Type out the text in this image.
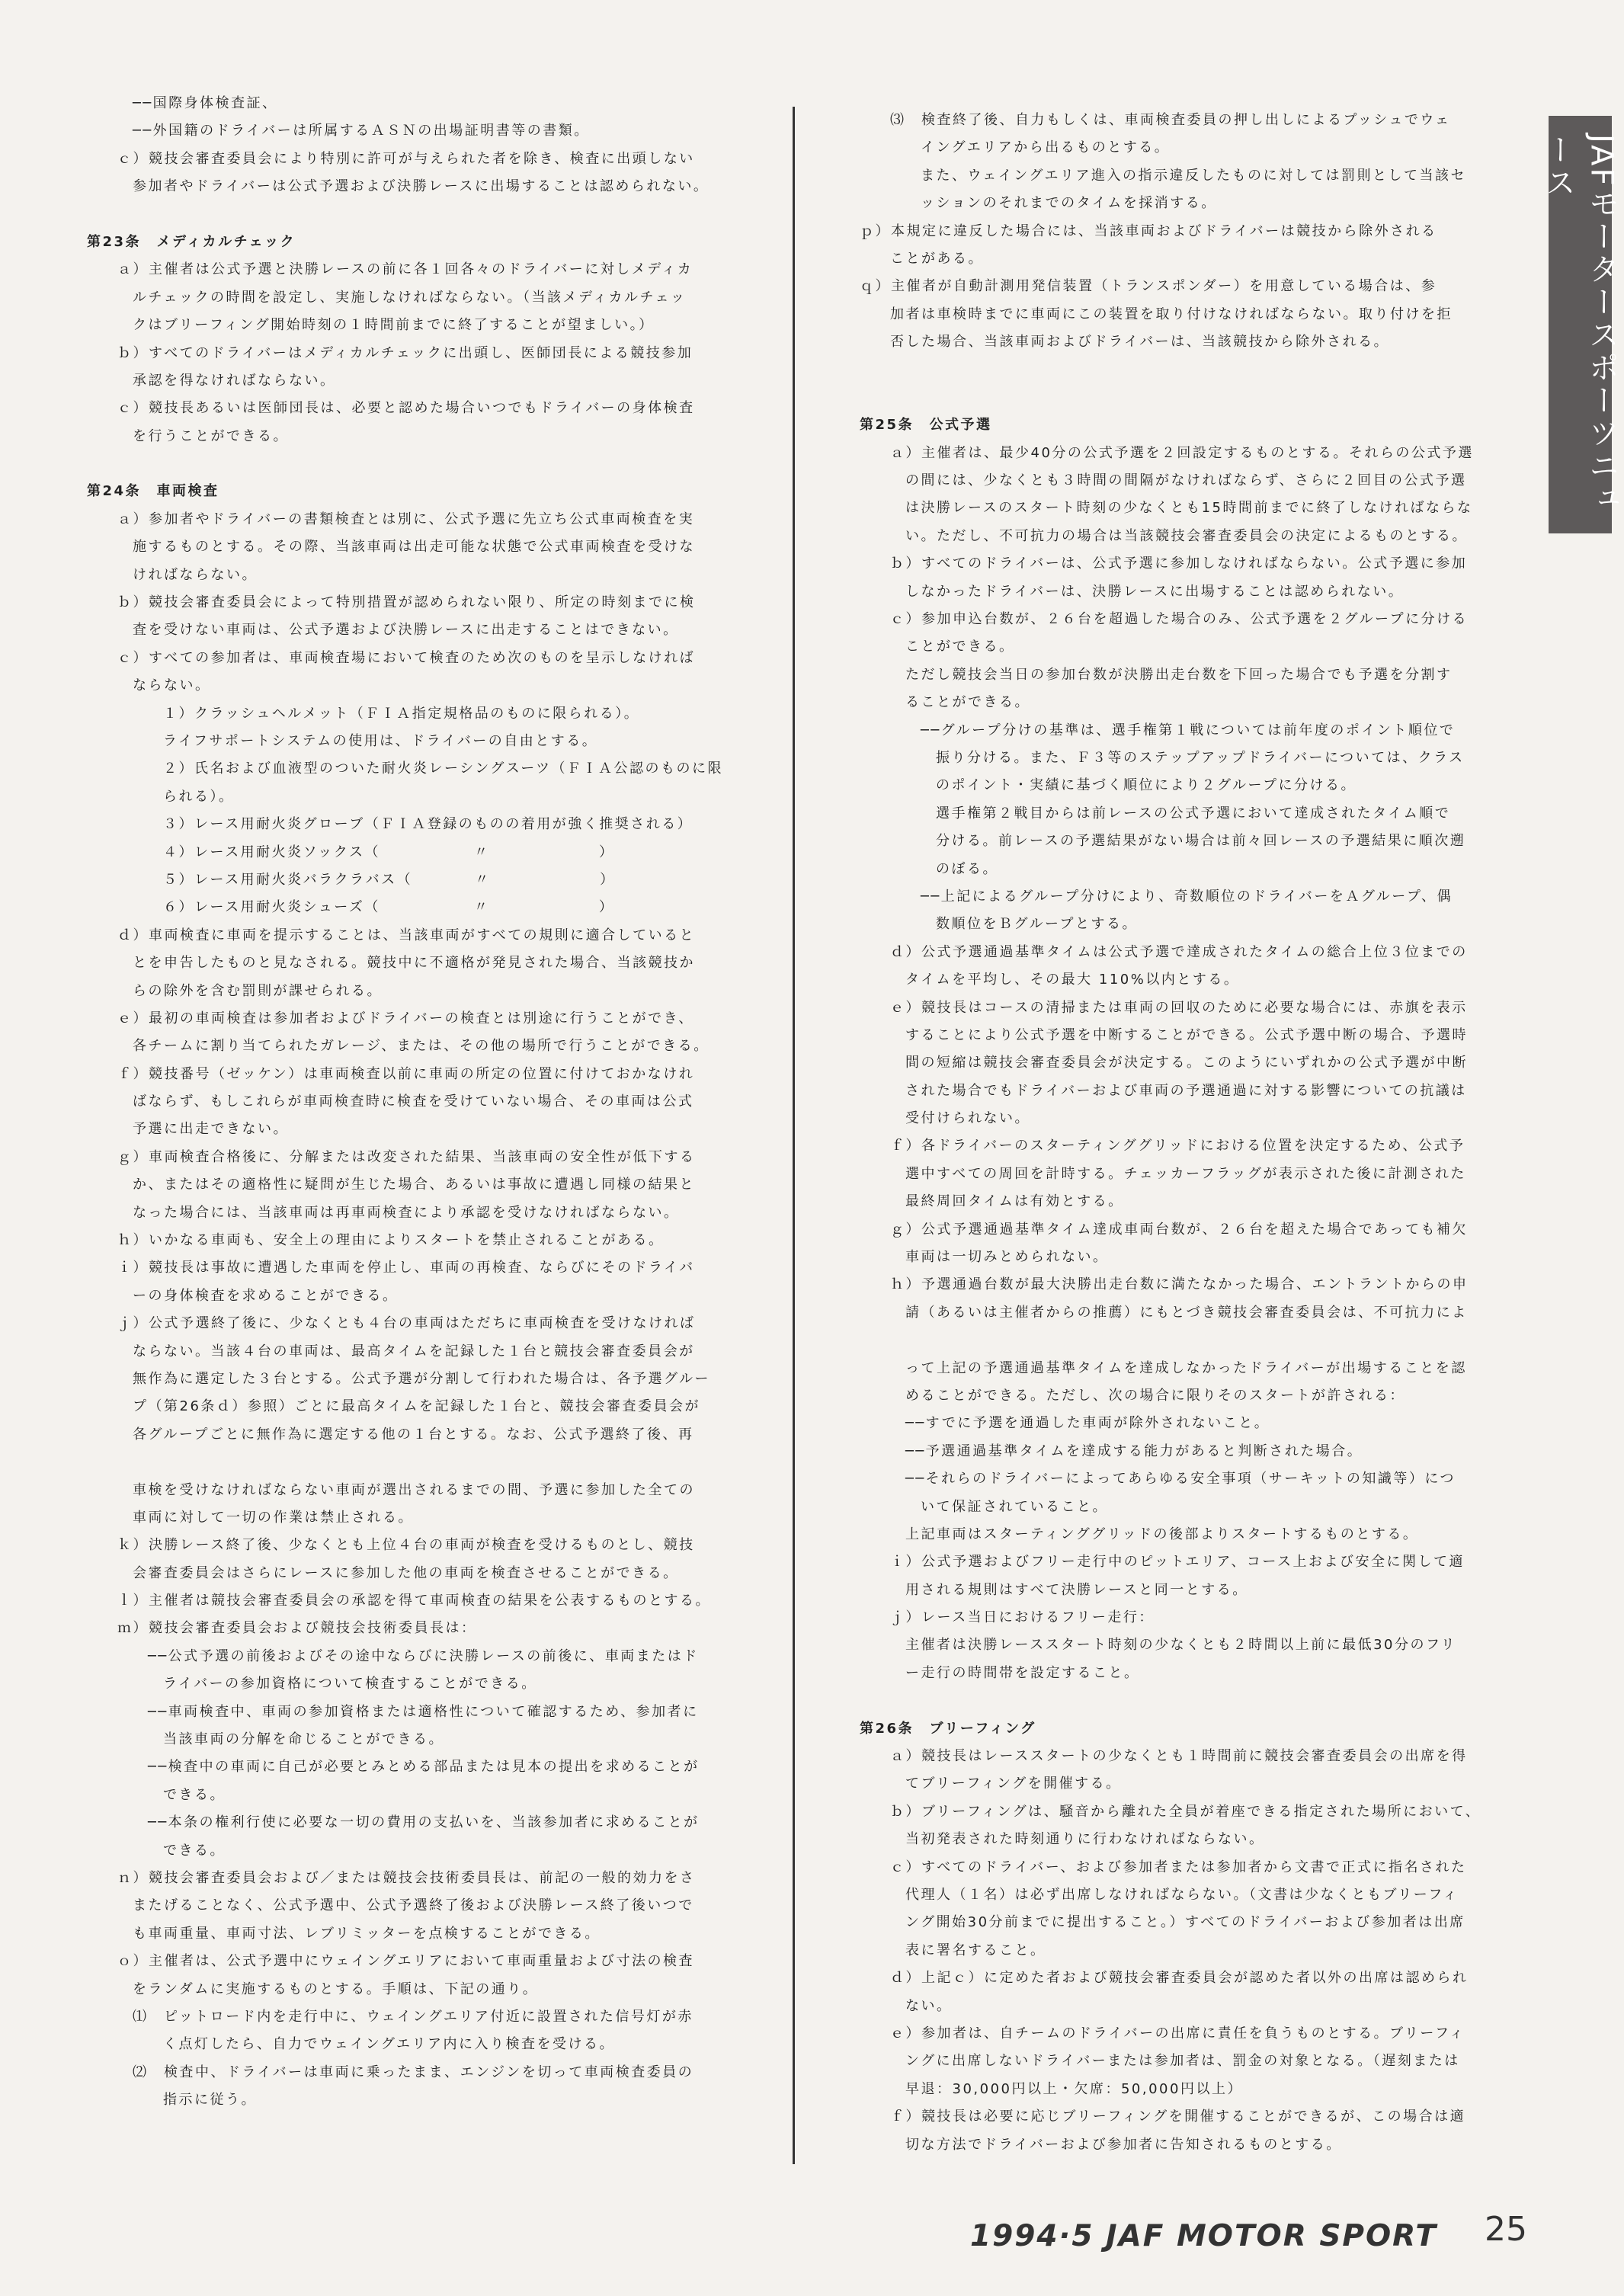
──国際身体検査証、
──外国籍のドライバーは所属するＡＳＮの出場証明書等の書類。
ｃ）競技会審査委員会により特別に許可が与えられた者を除き、検査に出頭しない
参加者やドライバーは公式予選および決勝レースに出場することは認められない。
第23条　メディカルチェック
ａ）主催者は公式予選と決勝レースの前に各１回各々のドライバーに対しメディカ
ルチェックの時間を設定し、実施しなければならない。（当該メディカルチェッ
クはブリーフィング開始時刻の１時間前までに終了することが望ましい。）
ｂ）すべてのドライバーはメディカルチェックに出頭し、医師団長による競技参加
承認を得なければならない。
ｃ）競技長あるいは医師団長は、必要と認めた場合いつでもドライバーの身体検査
を行うことができる。
第24条　車両検査
ａ）参加者やドライバーの書類検査とは別に、公式予選に先立ち公式車両検査を実
施するものとする。その際、当該車両は出走可能な状態で公式車両検査を受けな
ければならない。
ｂ）競技会審査委員会によって特別措置が認められない限り、所定の時刻までに検
査を受けない車両は、公式予選および決勝レースに出走することはできない。
ｃ）すべての参加者は、車両検査場において検査のため次のものを呈示しなければ
ならない。
１）クラッシュヘルメット（ＦＩＡ指定規格品のものに限られる）。
ライフサポートシステムの使用は、ドライバーの自由とする。
２）氏名および血液型のついた耐火炎レーシングスーツ（ＦＩＡ公認のものに限
られる）。
３）レース用耐火炎グローブ（ＦＩＡ登録のものの着用が強く推奨される）
４）レース用耐火炎ソックス（　　　　　　〃　　　　　　　）
５）レース用耐火炎バラクラバス（　　　　〃　　　　　　　）
６）レース用耐火炎シューズ（　　　　　　〃　　　　　　　）
ｄ）車両検査に車両を提示することは、当該車両がすべての規則に適合していると
とを申告したものと見なされる。競技中に不適格が発見された場合、当該競技か
らの除外を含む罰則が課せられる。
ｅ）最初の車両検査は参加者およびドライバーの検査とは別途に行うことができ、
各チームに割り当てられたガレージ、または、その他の場所で行うことができる。
ｆ）競技番号（ゼッケン）は車両検査以前に車両の所定の位置に付けておかなけれ
ばならず、もしこれらが車両検査時に検査を受けていない場合、その車両は公式
予選に出走できない。
ｇ）車両検査合格後に、分解または改変された結果、当該車両の安全性が低下する
か、またはその適格性に疑問が生じた場合、あるいは事故に遭遇し同様の結果と
なった場合には、当該車両は再車両検査により承認を受けなければならない。
ｈ）いかなる車両も、安全上の理由によりスタートを禁止されることがある。
ｉ）競技長は事故に遭遇した車両を停止し、車両の再検査、ならびにそのドライバ
ーの身体検査を求めることができる。
ｊ）公式予選終了後に、少なくとも４台の車両はただちに車両検査を受けなければ
ならない。当該４台の車両は、最高タイムを記録した１台と競技会審査委員会が
無作為に選定した３台とする。公式予選が分割して行われた場合は、各予選グルー
プ（第26条ｄ）参照）ごとに最高タイムを記録した１台と、競技会審査委員会が
各グループごとに無作為に選定する他の１台とする。なお、公式予選終了後、再
車検を受けなければならない車両が選出されるまでの間、予選に参加した全ての
車両に対して一切の作業は禁止される。
ｋ）決勝レース終了後、少なくとも上位４台の車両が検査を受けるものとし、競技
会審査委員会はさらにレースに参加した他の車両を検査させることができる。
ｌ）主催者は競技会審査委員会の承認を得て車両検査の結果を公表するものとする。
ｍ）競技会審査委員会および競技会技術委員長は：
──公式予選の前後およびその途中ならびに決勝レースの前後に、車両またはド
ライバーの参加資格について検査することができる。
──車両検査中、車両の参加資格または適格性について確認するため、参加者に
当該車両の分解を命じることができる。
──検査中の車両に自己が必要とみとめる部品または見本の提出を求めることが
できる。
──本条の権利行使に必要な一切の費用の支払いを、当該参加者に求めることが
できる。
ｎ）競技会審査委員会および／または競技会技術委員長は、前記の一般的効力をさ
またげることなく、公式予選中、公式予選終了後および決勝レース終了後いつで
も車両重量、車両寸法、レブリミッターを点検することができる。
ｏ）主催者は、公式予選中にウェイングエリアにおいて車両重量および寸法の検査
をランダムに実施するものとする。手順は、下記の通り。
⑴　ピットロード内を走行中に、ウェイングエリア付近に設置された信号灯が赤
く点灯したら、自力でウェイングエリア内に入り検査を受ける。
⑵　検査中、ドライバーは車両に乗ったまま、エンジンを切って車両検査委員の
指示に従う。
⑶　検査終了後、自力もしくは、車両検査委員の押し出しによるプッシュでウェ
イングエリアから出るものとする。
また、ウェイングエリア進入の指示違反したものに対しては罰則として当該セ
ッションのそれまでのタイムを採消する。
ｐ）本規定に違反した場合には、当該車両およびドライバーは競技から除外される
ことがある。
ｑ）主催者が自動計測用発信装置（トランスポンダー）を用意している場合は、参
加者は車検時までに車両にこの装置を取り付けなければならない。取り付けを拒
否した場合、当該車両およびドライバーは、当該競技から除外される。
第25条　公式予選
ａ）主催者は、最少40分の公式予選を２回設定するものとする。それらの公式予選
の間には、少なくとも３時間の間隔がなければならず、さらに２回目の公式予選
は決勝レースのスタート時刻の少なくとも15時間前までに終了しなければならな
い。ただし、不可抗力の場合は当該競技会審査委員会の決定によるものとする。
ｂ）すべてのドライバーは、公式予選に参加しなければならない。公式予選に参加
しなかったドライバーは、決勝レースに出場することは認められない。
ｃ）参加申込台数が、２６台を超過した場合のみ、公式予選を２グループに分ける
ことができる。
ただし競技会当日の参加台数が決勝出走台数を下回った場合でも予選を分割す
ることができる。
──グループ分けの基準は、選手権第１戦については前年度のポイント順位で
振り分ける。また、Ｆ３等のステップアップドライバーについては、クラス
のポイント・実績に基づく順位により２グループに分ける。
選手権第２戦目からは前レースの公式予選において達成されたタイム順で
分ける。前レースの予選結果がない場合は前々回レースの予選結果に順次遡
のぼる。
──上記によるグループ分けにより、奇数順位のドライバーをＡグループ、偶
数順位をＢグループとする。
ｄ）公式予選通過基準タイムは公式予選で達成されたタイムの総合上位３位までの
タイムを平均し、その最大 110%以内とする。
ｅ）競技長はコースの清掃または車両の回収のために必要な場合には、赤旗を表示
することにより公式予選を中断することができる。公式予選中断の場合、予選時
間の短縮は競技会審査委員会が決定する。このようにいずれかの公式予選が中断
された場合でもドライバーおよび車両の予選通過に対する影響についての抗議は
受付けられない。
ｆ）各ドライバーのスターティンググリッドにおける位置を決定するため、公式予
選中すべての周回を計時する。チェッカーフラッグが表示された後に計測された
最終周回タイムは有効とする。
ｇ）公式予選通過基準タイム達成車両台数が、２６台を超えた場合であっても補欠
車両は一切みとめられない。
ｈ）予選通過台数が最大決勝出走台数に満たなかった場合、エントラントからの申
請（あるいは主催者からの推薦）にもとづき競技会審査委員会は、不可抗力によ
って上記の予選通過基準タイムを達成しなかったドライバーが出場することを認
めることができる。ただし、次の場合に限りそのスタートが許される：
──すでに予選を通過した車両が除外されないこと。
──予選通過基準タイムを達成する能力があると判断された場合。
──それらのドライバーによってあらゆる安全事項（サーキットの知識等）につ
いて保証されていること。
上記車両はスターティンググリッドの後部よりスタートするものとする。
ｉ）公式予選およびフリー走行中のピットエリア、コース上および安全に関して適
用される規則はすべて決勝レースと同一とする。
ｊ）レース当日におけるフリー走行：
主催者は決勝レーススタート時刻の少なくとも２時間以上前に最低30分のフリ
ー走行の時間帯を設定すること。
第26条　ブリーフィング
ａ）競技長はレーススタートの少なくとも１時間前に競技会審査委員会の出席を得
てブリーフィングを開催する。
ｂ）ブリーフィングは、騒音から離れた全員が着座できる指定された場所において、
当初発表された時刻通りに行わなければならない。
ｃ）すべてのドライバー、および参加者または参加者から文書で正式に指名された
代理人（１名）は必ず出席しなければならない。（文書は少なくともブリーフィ
ング開始30分前までに提出すること。）すべてのドライバーおよび参加者は出席
表に署名すること。
ｄ）上記ｃ）に定めた者および競技会審査委員会が認めた者以外の出席は認められ
ない。
ｅ）参加者は、自チームのドライバーの出席に責任を負うものとする。ブリーフィ
ングに出席しないドライバーまたは参加者は、罰金の対象となる。（遅刻または
早退：30,000円以上・欠席：50,000円以上）
ｆ）競技長は必要に応じブリーフィングを開催することができるが、この場合は適
切な方法でドライバーおよび参加者に告知されるものとする。
JAFモータースポーツニュース
1994·5 JAF MOTOR SPORT 25
